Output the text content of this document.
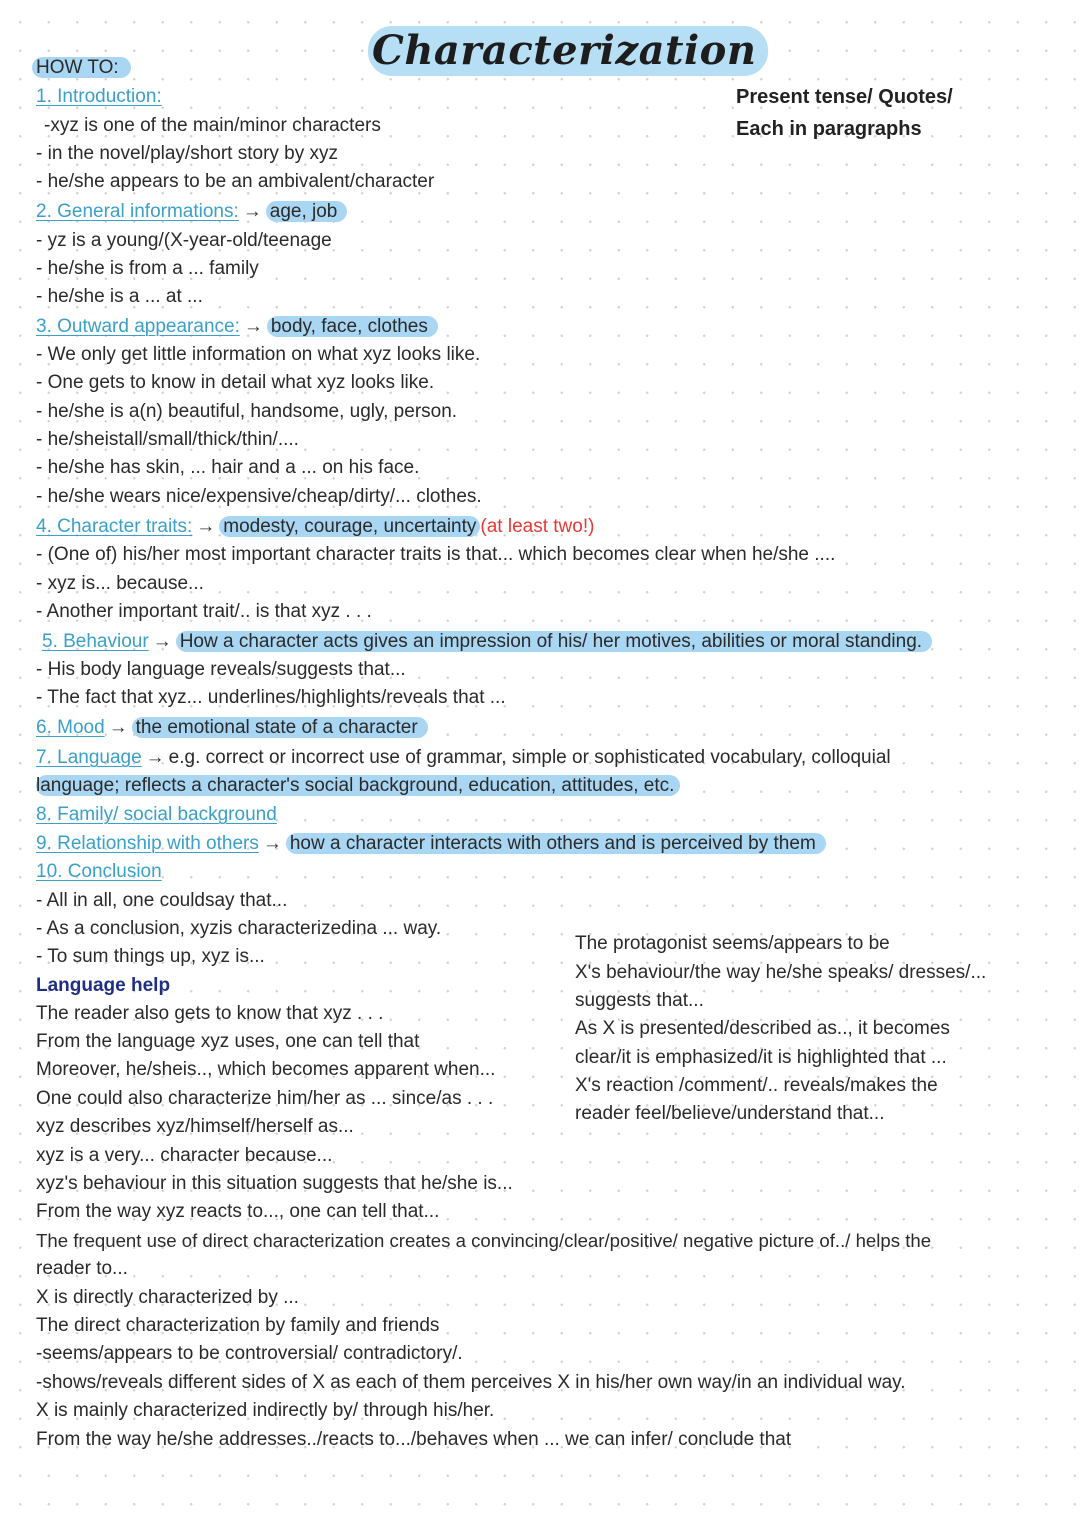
Characterization
HOW TO:
Present tense/ Quotes/
Each in paragraphs
1. Introduction:
-xyz is one of the main/minor characters
- in the novel/play/short story by xyz
- he/she appears to be an ambivalent/character
2. General informations: → age, job
- yz is a young/(X-year-old/teenage
- he/she is from a ... family
- he/she is a ... at ...
3. Outward appearance: → body, face, clothes
- We only get little information on what xyz looks like.
- One gets to know in detail what xyz looks like.
- he/she is a(n) beautiful, handsome, ugly, person.
- he/sheistall/small/thick/thin/....
- he/she has skin, ... hair and a ... on his face.
- he/she wears nice/expensive/cheap/dirty/... clothes.
4. Character traits: → modesty, courage, uncertainty (at least two!)
- (One of) his/her most important character traits is that... which becomes clear when he/she ....
- xyz is... because...
- Another important trait/.. is that xyz . . .
5. Behaviour → How a character acts gives an impression of his/ her motives, abilities or moral standing.
- His body language reveals/suggests that...
- The fact that xyz... underlines/highlights/reveals that ...
6. Mood → the emotional state of a character
7. Language → e.g. correct or incorrect use of grammar, simple or sophisticated vocabulary, colloquial
language; reflects a character's social background, education, attitudes, etc.
8. Family/ social background
9. Relationship with others → how a character interacts with others and is perceived by them
10. Conclusion
- All in all, one couldsay that...
- As a conclusion, xyzis characterizedina ... way.
- To sum things up, xyz is...
Language help
The reader also gets to know that xyz . . .
From the language xyz uses, one can tell that
Moreover, he/sheis.., which becomes apparent when...
One could also characterize him/her as ... since/as . . .
xyz describes xyz/himself/herself as...
xyz is a very... character because...
xyz's behaviour in this situation suggests that he/she is...
From the way xyz reacts to..., one can tell that...
The protagonist seems/appears to be
X's behaviour/the way he/she speaks/ dresses/...
suggests that...
As X is presented/described as.., it becomes
clear/it is emphasized/it is highlighted that ...
X's reaction /comment/.. reveals/makes the
reader feel/believe/understand that...
The frequent use of direct characterization creates a convincing/clear/positive/ negative picture of../ helps the
reader to...
X is directly characterized by ...
The direct characterization by family and friends
-seems/appears to be controversial/ contradictory/.
-shows/reveals different sides of X as each of them perceives X in his/her own way/in an individual way.
X is mainly characterized indirectly by/ through his/her.
From the way he/she addresses../reacts to.../behaves when ... we can infer/ conclude that
